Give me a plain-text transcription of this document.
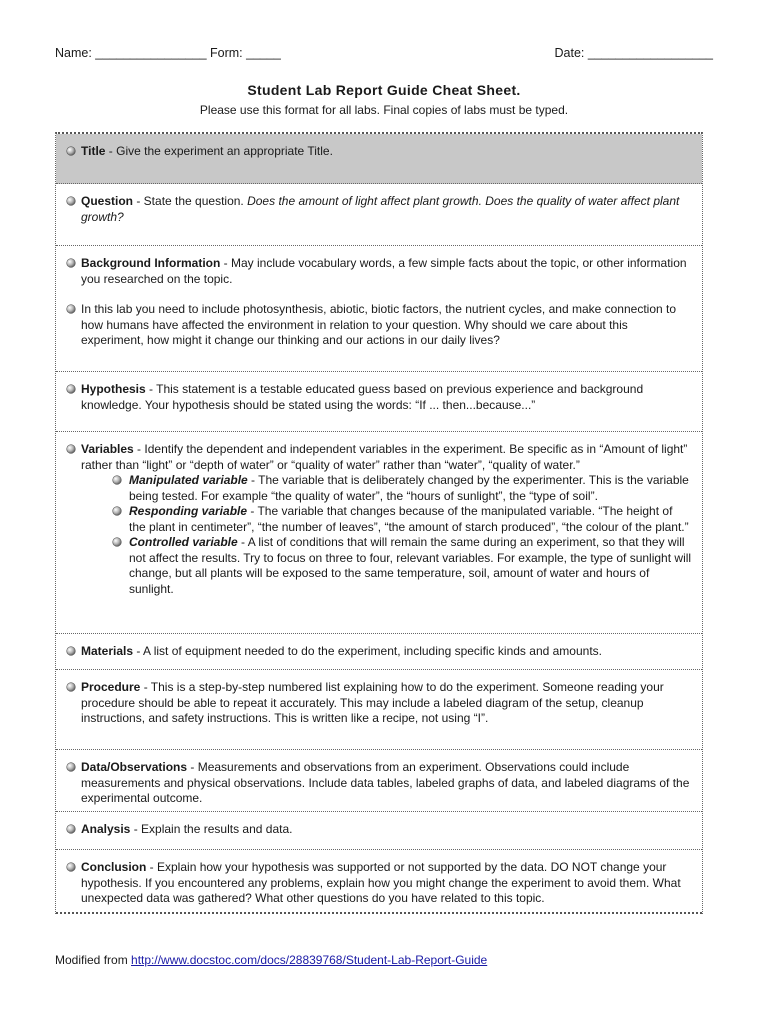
Name: ________________ Form: _____	Date: __________________
Student Lab Report Guide Cheat Sheet.
Please use this format for all labs. Final copies of labs must be typed.
Title - Give the experiment an appropriate Title.
Question - State the question. Does the amount of light affect plant growth. Does the quality of water affect plant growth?
Background Information - May include vocabulary words, a few simple facts about the topic, or other information you researched on the topic.
In this lab you need to include photosynthesis, abiotic, biotic factors, the nutrient cycles, and make connection to how humans have affected the environment in relation to your question. Why should we care about this experiment, how might it change our thinking and our actions in our daily lives?
Hypothesis - This statement is a testable educated guess based on previous experience and background knowledge. Your hypothesis should be stated using the words: “If ... then...because...”
Variables - Identify the dependent and independent variables in the experiment. Be specific as in “Amount of light” rather than “light” or “depth of water” or “quality of water” rather than “water”, “quality of water.”
Manipulated variable - The variable that is deliberately changed by the experimenter. This is the variable being tested. For example “the quality of water”, the “hours of sunlight”, the “type of soil”.
Responding variable - The variable that changes because of the manipulated variable. “The height of the plant in centimeter”, “the number of leaves”, “the amount of starch produced”, “the colour of the plant.”
Controlled variable - A list of conditions that will remain the same during an experiment, so that they will not affect the results. Try to focus on three to four, relevant variables. For example, the type of sunlight will change, but all plants will be exposed to the same temperature, soil, amount of water and hours of sunlight.
Materials - A list of equipment needed to do the experiment, including specific kinds and amounts.
Procedure - This is a step-by-step numbered list explaining how to do the experiment. Someone reading your procedure should be able to repeat it accurately. This may include a labeled diagram of the setup, cleanup instructions, and safety instructions. This is written like a recipe, not using “I”.
Data/Observations - Measurements and observations from an experiment. Observations could include measurements and physical observations. Include data tables, labeled graphs of data, and labeled diagrams of the experimental outcome.
Analysis - Explain the results and data.
Conclusion - Explain how your hypothesis was supported or not supported by the data. DO NOT change your hypothesis. If you encountered any problems, explain how you might change the experiment to avoid them. What unexpected data was gathered? What other questions do you have related to this topic.
Modified from http://www.docstoc.com/docs/28839768/Student-Lab-Report-Guide
